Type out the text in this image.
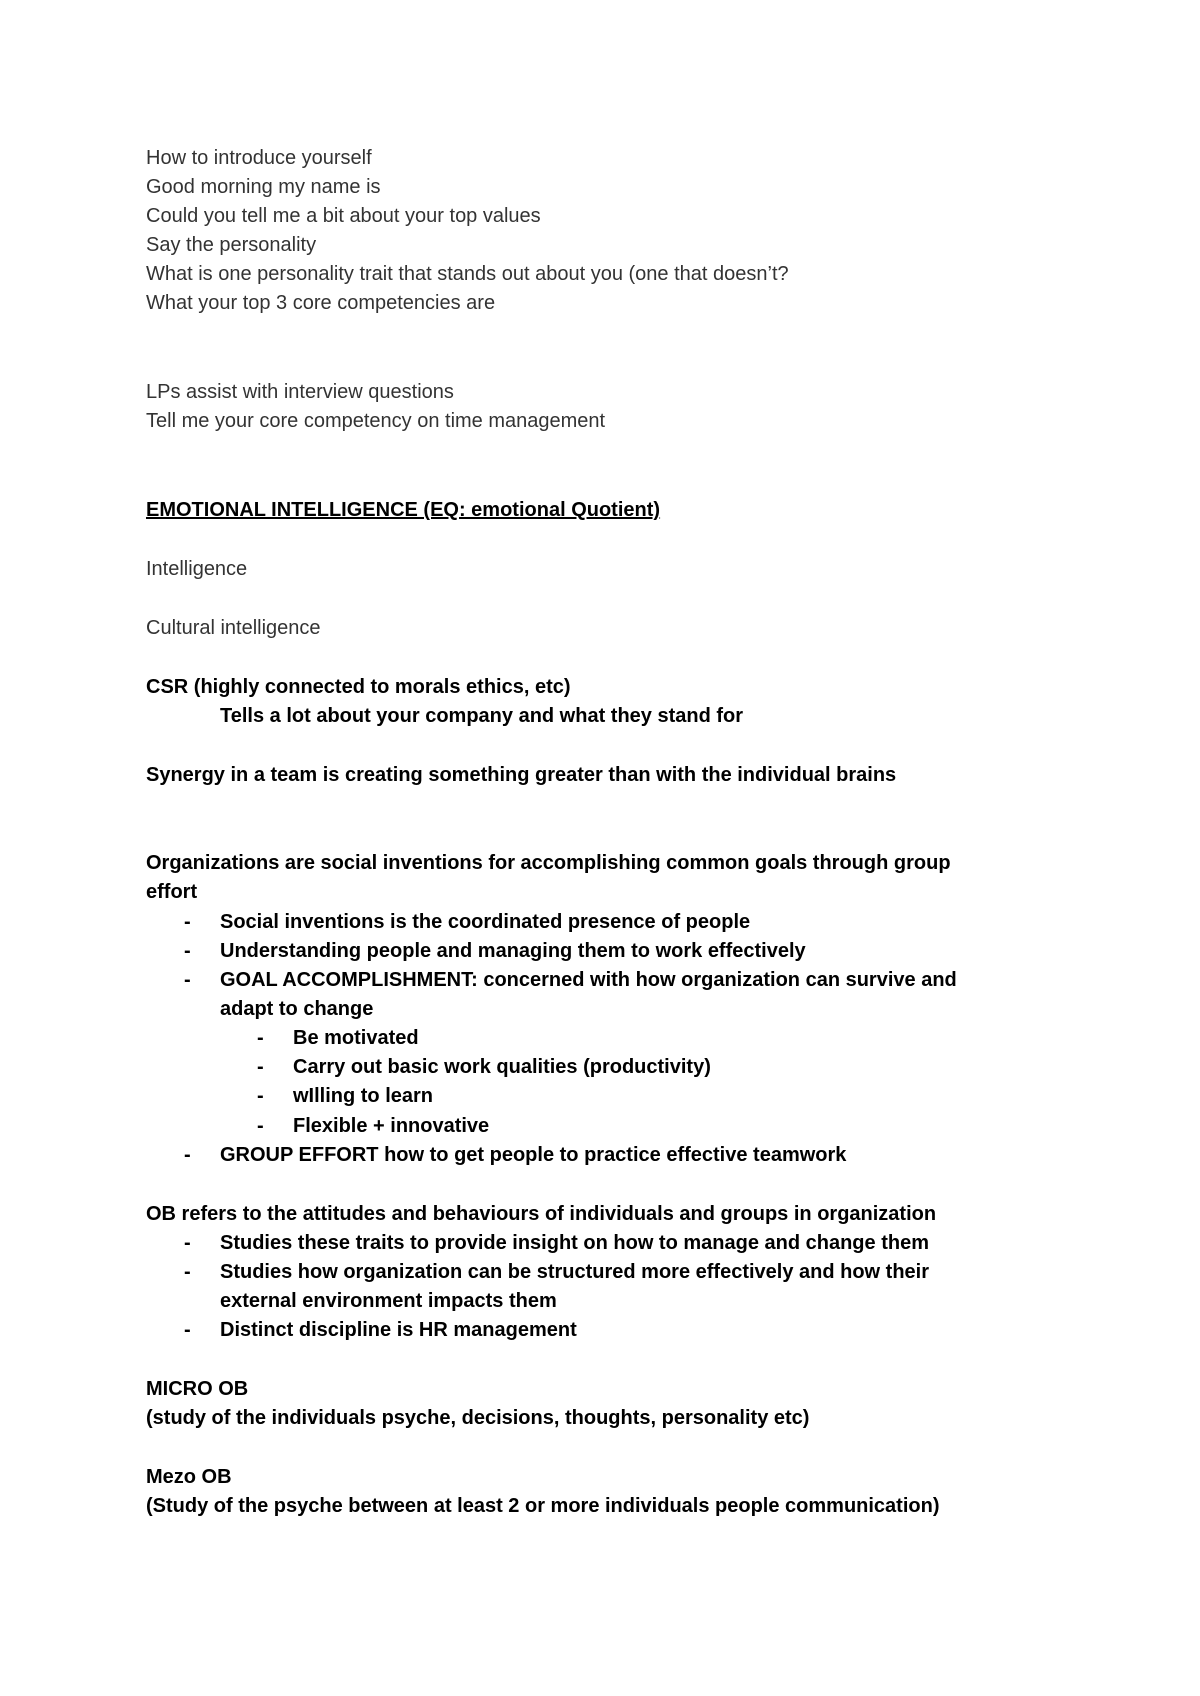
How to introduce yourself

Good morning my name is

Could you tell me a bit about your top values

Say the personality

What is one personality trait that stands out about you (one that doesn’t?

What your top 3 core competencies are

LPs assist with interview questions

Tell me your core competency on time management

EMOTIONAL INTELLIGENCE (EQ: emotional Quotient)

Intelligence

Cultural intelligence

CSR (highly connected to morals ethics, etc)

Tells a lot about your company and what they stand for

Synergy in a team is creating something greater than with the individual brains

Organizations are social inventions for accomplishing common goals through group

effort

- Social inventions is the coordinated presence of people

- Understanding people and managing them to work effectively

- GOAL ACCOMPLISHMENT: concerned with how organization can survive and

adapt to change

- Be motivated

- Carry out basic work qualities (productivity)

- wIlling to learn

- Flexible + innovative

- GROUP EFFORT how to get people to practice effective teamwork

OB refers to the attitudes and behaviours of individuals and groups in organization

- Studies these traits to provide insight on how to manage and change them

- Studies how organization can be structured more effectively and how their

external environment impacts them

- Distinct discipline is HR management

MICRO OB

(study of the individuals psyche, decisions, thoughts, personality etc)

Mezo OB

(Study of the psyche between at least 2 or more individuals people communication)
